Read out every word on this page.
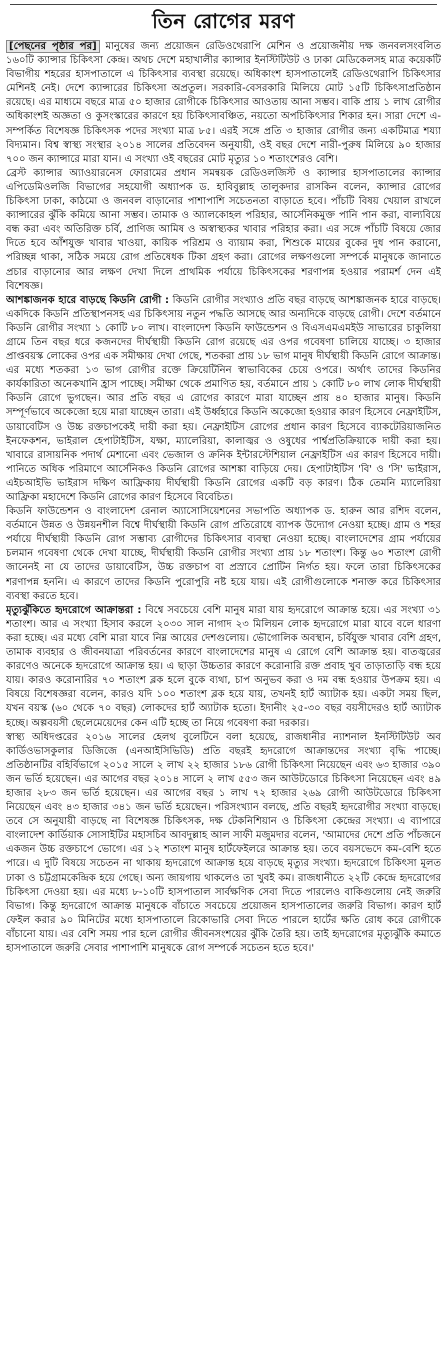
তিন রোগের মরণ

[পেছনের পৃষ্ঠার পর] মানুষের জন্য প্রয়োজন রেডিওথেরাপি মেশিন ও প্রয়োজনীয় দক্ষ জনবলসংবলিত ১৬০টি ক্যান্সার চিকিৎসা কেন্দ্র। অথচ দেশে মহাখালীর ক্যান্সার ইনস্টিটিউট ও ঢাকা মেডিকেলসহ মাত্র কয়েকটি বিভাগীয় শহরের হাসপাতালে এ চিকিৎসার ব্যবস্থা রয়েছে। অধিকাংশ হাসপাতালেই রেডিওথেরাপি চিকিৎসার মেশিনই নেই। দেশে ক্যান্সারের চিকিৎসা অপ্রতুল। সরকারি-বেসরকারি মিলিয়ে মোট ১৫টি চিকিৎসাপ্রতিষ্ঠান রয়েছে। এর মাধ্যমে বছরে মাত্র ৫০ হাজার রোগীকে চিকিৎসার আওতায় আনা সম্ভব। বাকি প্রায় ১ লাখ রোগীর অধিকাংশই অজ্ঞতা ও কুসংস্কারের কারণে হয় চিকিৎসাবঞ্চিত, নয়তো অপচিকিৎসার শিকার হন। সারা দেশে এ-সম্পর্কিত বিশেষজ্ঞ চিকিৎসক পদের সংখ্যা মাত্র ৮৫। এরই সঙ্গে প্রতি ৩ হাজার রোগীর জন্য একটিমাত্র শয্যা বিদ্যমান। বিশ্ব স্বাস্থ্য সংস্থার ২০১৪ সালের প্রতিবেদন অনুযায়ী, ওই বছর দেশে নারী-পুরুষ মিলিয়ে ৯০ হাজার ৭০০ জন ক্যান্সারে মারা যান। এ সংখ্যা ওই বছরের মোট মৃত্যুর ১০ শতাংশেরও বেশি।

ব্রেস্ট ক্যান্সার অ্যাওয়ারনেস ফোরামের প্রধান সমন্বয়ক রেডিওলজিস্ট ও ক্যান্সার হাসপাতালের ক্যান্সার এপিডেমিওলজি বিভাগের সহযোগী অধ্যাপক ড. হাবিবুল্লাহ তালুকদার রাসকিন বলেন, ক্যান্সার রোগের চিকিৎসা ঢাকা, কাঠমো ও জনবল বাড়ানোর পাশাপাশি সচেতনতা বাড়াতে হবে। পাঁচটি বিষয় খেয়াল রাখলে ক্যান্সারের ঝুঁকি কমিয়ে আনা সম্ভব। তামাক ও অ্যালকোহল পরিহার, আর্সেনিকমুক্ত পানি পান করা, বাল্যবিয়ে বন্ধ করা এবং অতিরিক্ত চর্বি, প্রাণিজ আমিষ ও অস্বাস্থ্যকর খাবার পরিহার করা। এর সঙ্গে পাঁচটি বিষয়ে জোর দিতে হবে আঁশযুক্ত খাবার খাওয়া, কায়িক পরিশ্রম ও ব্যায়াম করা, শিশুকে মায়ের বুকের দুধ পান করানো, পরিচ্ছন্ন থাকা, সঠিক সময়ে রোগ প্রতিষেধক টিকা গ্রহণ করা। রোগের লক্ষণগুলো সম্পর্কে মানুষকে জানাতে প্রচার বাড়ানোর আর লক্ষণ দেখা দিলে প্রাথমিক পর্যায়ে চিকিৎসকের শরণাপন্ন হওয়ার পরামর্শ দেন এই বিশেষজ্ঞ।

আশঙ্কাজনক হারে বাড়ছে কিডনি রোগী : কিডনি রোগীর সংখ্যাও প্রতি বছর বাড়ছে আশঙ্কাজনক হারে বাড়ছে। একদিকে কিডনি প্রতিস্থাপনসহ এর চিকিৎসায় নতুন পদ্ধতি আসছে আর অন্যদিকে বাড়ছে রোগী। দেশে বর্তমানে কিডনি রোগীর সংখ্যা ১ কোটি ৮০ লাখ। বাংলাদেশ কিডনি ফাউন্ডেশন ও বিএসএমএমইউ সাভারের চাকুলিয়া গ্রামে তিন বছর ধরে কজনদের দীর্ঘস্থায়ী কিডনি রোগ রয়েছে এর ওপর গবেষণা চালিয়ে যাচ্ছে। ৩ হাজার প্রাপ্তবয়স্ক লোকের ওপর এক সমীক্ষায় দেখা গেছে, শতকরা প্রায় ১৮ ভাগ মানুষ দীর্ঘস্থায়ী কিডনি রোগে আক্রান্ত। এর মধ্যে শতকরা ১৩ ভাগ রোগীর রক্তে ক্রিয়েটিনিন স্বাভাবিকের চেয়ে ওপরে। অর্থাৎ তাদের কিডনির কার্যকারিতা অনেকখানি হ্রাস পাচ্ছে। সমীক্ষা থেকে প্রমাণিত হয়, বর্তমানে প্রায় ১ কোটি ৮০ লাখ লোক দীর্ঘস্থায়ী কিডনি রোগে ভুগছেন। আর প্রতি বছর এ রোগের কারণে মারা যাচ্ছেন প্রায় ৪০ হাজার মানুষ। কিডনি সম্পূর্ণভাবে অকেজো হয়ে মারা যাচ্ছেন তারা। এই উর্ধ্বহারে কিডনি অকেজো হওয়ার কারণ হিসেবে নেফ্রাইটিস, ডায়াবেটিস ও উচ্চ রক্তচাপকেই দায়ী করা হয়। নেফ্রাইটিস রোগের প্রধান কারণ হিসেবে ব্যাকটেরিয়াজনিত ইনফেকশন, ভাইরাল হেপাটাইটিস, যক্ষা, ম্যালেরিয়া, কালাজ্বর ও ওষুধের পার্শ্বপ্রতিক্রিয়াকে দায়ী করা হয়। খাবারে রাসায়নিক পদার্থ মেশানো এবং ভেজাল ও ক্রনিক ইন্টারস্টেশিয়াল নেফ্রাইটিস এর কারণ হিসেবে দায়ী। পানিতে অধিক পরিমাণে আর্সেনিকও কিডনি রোগের আশঙ্কা বাড়িয়ে দেয়। হেপাটাইটিস 'বি' ও 'সি' ভাইরাস, এইচআইভি ভাইরাস দক্ষিণ আফ্রিকায় দীর্ঘস্থায়ী কিডনি রোগের একটি বড় কারণ। ঠিক তেমনি ম্যালেরিয়া আফ্রিকা মহাদেশে কিডনি রোগের কারণ হিসেবে বিবেচিত।

কিডনি ফাউন্ডেশন ও বাংলাদেশ রেনাল অ্যাসোসিয়েশনের সভাপতি অধ্যাপক ড. হারুন আর রশিদ বলেন, বর্তমানে উন্নত ও উন্নয়নশীল বিশ্বে দীর্ঘস্থায়ী কিডনি রোগ প্রতিরোধে ব্যাপক উদ্যোগ নেওয়া হচ্ছে। গ্রাম ও শহর পর্যায়ে দীর্ঘস্থায়ী কিডনি রোগ সম্ভাব্য রোগীদের চিকিৎসার ব্যবস্থা নেওয়া হচ্ছে। বাংলাদেশের গ্রাম পর্যায়ের চলমান গবেষণা থেকে দেখা যাচ্ছে, দীর্ঘস্থায়ী কিডনি রোগীর সংখ্যা প্রায় ১৮ শতাংশ। কিন্তু ৬০ শতাংশ রোগী জানেনই না যে তাদের ডায়াবেটিস, উচ্চ রক্তচাপ বা প্রস্রাবে প্রোটিন নির্গত হয়। ফলে তারা চিকিৎসকের শরণাপন্ন হননি। এ কারণে তাদের কিডনি পুরোপুরি নষ্ট হয়ে যায়। এই রোগীগুলোকে শনাক্ত করে চিকিৎসার ব্যবস্থা করতে হবে।

মৃত্যুঝুঁকিতে হৃদরোগে আক্রান্তরা : বিশ্বে সবচেয়ে বেশি মানুষ মারা যায় হৃদরোগে আক্রান্ত হয়ে। এর সংখ্যা ৩১ শতাংশ। আর এ সংখ্যা হিসাব করলে ২০৩০ সাল নাগাদ ২৩ মিলিয়ন লোক হৃদরোগে মারা যাবে বলে ধারণা করা হচ্ছে। এর মধ্যে বেশি মারা যাবে নিম্ন আয়ের দেশগুলোয়। ভৌগোলিক অবস্থান, চর্বিযুক্ত খাবার বেশি গ্রহণ, তামাক ব্যবহার ও জীবনযাত্রা পরিবর্তনের কারণে বাংলাদেশের মানুষ এ রোগে বেশি আক্রান্ত হয়। বাতজ্বরের কারণেও অনেকে হৃদরোগে আক্রান্ত হয়। এ ছাড়া উচ্চতার কারণে করোনারি রক্ত প্রবাহ খুব তাড়াতাড়ি বন্ধ হয়ে যায়। কারও করোনারির ৭০ শতাংশ ব্লক হলে বুকে ব্যথা, চাপ অনুভব করা ও দম বন্ধ হওয়ার উপক্রম হয়। এ বিষয়ে বিশেষজ্ঞরা বলেন, কারও যদি ১০০ শতাংশ ব্লক হয়ে যায়, তখনই হার্ট অ্যাটাক হয়। একটা সময় ছিল, যখন বয়স্ক (৬০ থেকে ৭০ বছর) লোকদের হার্ট অ্যাটাক হতো। ইদানীং ২৫-৩০ বছর বয়সীদেরও হার্ট অ্যাটাক হচ্ছে। অল্পবয়সী ছেলেমেয়েদের কেন এটি হচ্ছে তা নিয়ে গবেষণা করা দরকার।

স্বাস্থ্য অধিদপ্তরের ২০১৬ সালের হেলথ বুলেটিনে বলা হয়েছে, রাজধানীর ন্যাশনাল ইনস্টিটিউট অব কার্ডিওভাসকুলার ডিজিজে (এনআইসিভিডি) প্রতি বছরই হৃদরোগে আক্রান্তদের সংখ্যা বৃদ্ধি পাচ্ছে। প্রতিষ্ঠানটির বহির্বিভাগে ২০১৫ সালে ২ লাখ ২২ হাজার ১৮৬ রোগী চিকিৎসা নিয়েছেন এবং ৬৩ হাজার ৩৯০ জন ভর্তি হয়েছেন। এর আগের বছর ২০১৪ সালে ২ লাখ ৫৫৩ জন আউটডোরে চিকিৎসা নিয়েছেন এবং ৪৯ হাজার ২৮৩ জন ভর্তি হয়েছেন। এর আগের বছর ১ লাখ ৭২ হাজার ২৬৯ রোগী আউটডোরে চিকিৎসা নিয়েছেন এবং ৪৩ হাজার ৩৪১ জন ভর্তি হয়েছেন। পরিসংখ্যান বলছে, প্রতি বছরই হৃদরোগীর সংখ্যা বাড়ছে। তবে সে অনুযায়ী বাড়ছে না বিশেষজ্ঞ চিকিৎসক, দক্ষ টেকনিশিয়ান ও চিকিৎসা কেন্দ্রের সংখ্যা। এ ব্যাপারে বাংলাদেশ কার্ডিয়াক সোসাইটির মহাসচিব আবদুল্লাহ আল সাফী মজুমদার বলেন, 'আমাদের দেশে প্রতি পাঁচজনে একজন উচ্চ রক্তচাপে ভোগে। এর ১২ শতাংশ মানুষ হার্টফেইলরে আক্রান্ত হয়। তবে বয়সভেদে কম-বেশি হতে পারে। এ দুটি বিষয়ে সচেতন না থাকায় হৃদরোগে আক্রান্ত হয়ে বাড়ছে মৃত্যুর সংখ্যা। হৃদরোগে চিকিৎসা মূলত ঢাকা ও চট্টগ্রামকেন্দ্রিক হয়ে গেছে। অন্য জায়গায় থাকলেও তা খুবই কম। রাজধানীতে ২২টি কেন্দ্রে হৃদরোগের চিকিৎসা দেওয়া হয়। এর মধ্যে ৮-১০টি হাসপাতাল সার্বক্ষণিক সেবা দিতে পারলেও বাকিগুলোয় নেই জরুরি বিভাগ। কিন্তু হৃদরোগে আক্রান্ত মানুষকে বাঁচাতে সবচেয়ে প্রয়োজন হাসপাতালের জরুরি বিভাগ। কারণ হার্ট ফেইল করার ৯০ মিনিটের মধ্যে হাসপাতালে রিকোভারি সেবা দিতে পারলে হার্টের ক্ষতি রোধ করে রোগীকে বাঁচানো যায়। এর বেশি সময় পার হলে রোগীর জীবনসংশয়ের ঝুঁকি তৈরি হয়। তাই হৃদরোগের মৃত্যুঝুঁকি কমাতে হাসপাতালে জরুরি সেবার পাশাপাশি মানুষকে রোগ সম্পর্কে সচেতন হতে হবে।'
